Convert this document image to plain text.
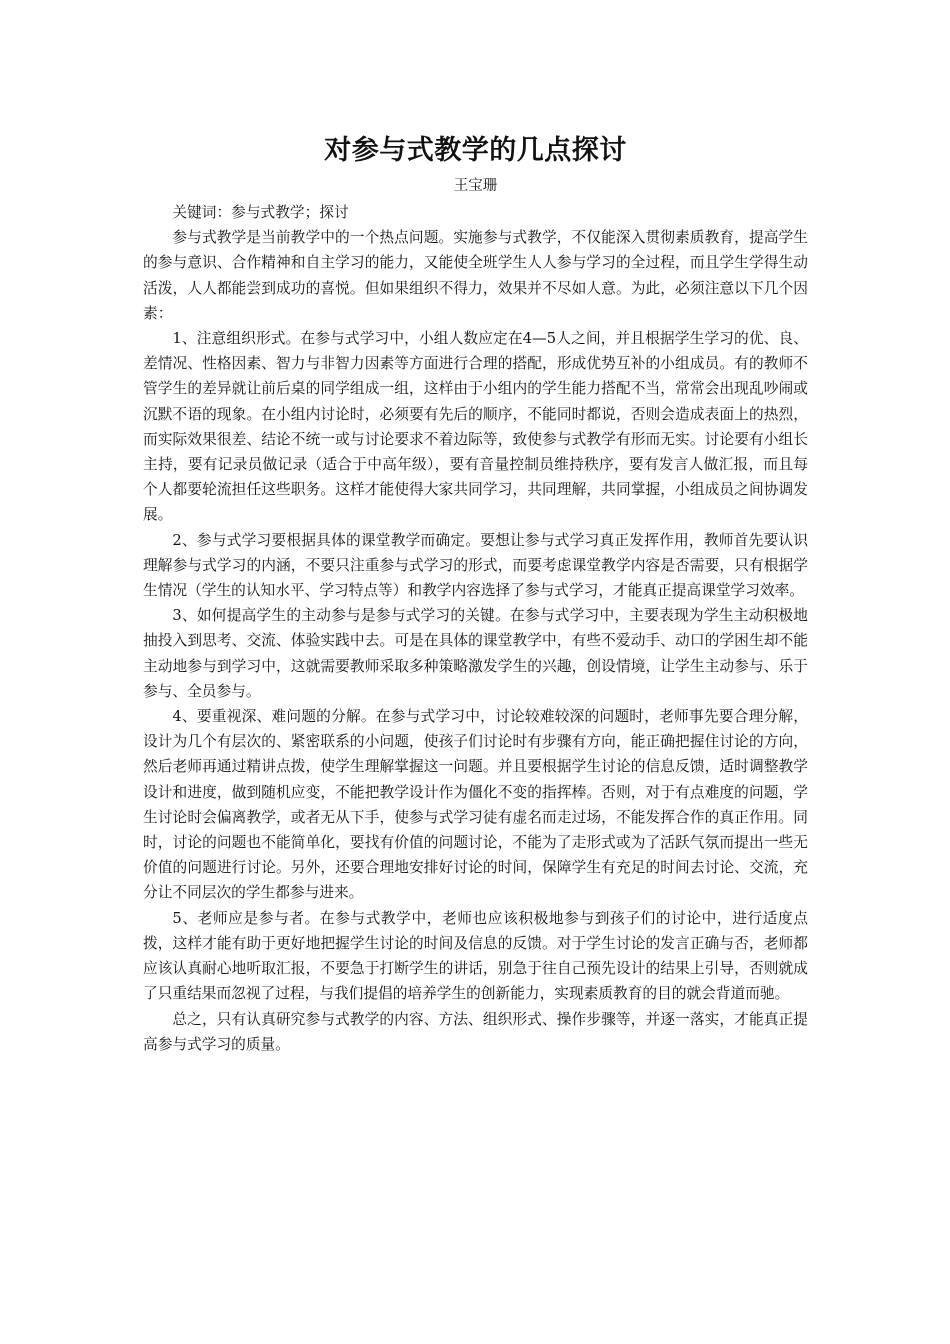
对参与式教学的几点探讨

王宝珊

关键词：参与式教学；探讨

参与式教学是当前教学中的一个热点问题。实施参与式教学，不仅能深入贯彻素质教育，提高学生的参与意识、合作精神和自主学习的能力，又能使全班学生人人参与学习的全过程，而且学生学得生动活泼，人人都能尝到成功的喜悦。但如果组织不得力，效果并不尽如人意。为此，必须注意以下几个因素：

1、注意组织形式。在参与式学习中，小组人数应定在4—5人之间，并且根据学生学习的优、良、差情况、性格因素、智力与非智力因素等方面进行合理的搭配，形成优势互补的小组成员。有的教师不管学生的差异就让前后桌的同学组成一组，这样由于小组内的学生能力搭配不当，常常会出现乱吵闹或沉默不语的现象。在小组内讨论时，必须要有先后的顺序，不能同时都说，否则会造成表面上的热烈，而实际效果很差、结论不统一或与讨论要求不着边际等，致使参与式教学有形而无实。讨论要有小组长主持，要有记录员做记录（适合于中高年级），要有音量控制员维持秩序，要有发言人做汇报，而且每个人都要轮流担任这些职务。这样才能使得大家共同学习，共同理解，共同掌握，小组成员之间协调发展。

2、参与式学习要根据具体的课堂教学而确定。要想让参与式学习真正发挥作用，教师首先要认识理解参与式学习的内涵，不要只注重参与式学习的形式，而要考虑课堂教学内容是否需要，只有根据学生情况（学生的认知水平、学习特点等）和教学内容选择了参与式学习，才能真正提高课堂学习效率。

3、如何提高学生的主动参与是参与式学习的关键。在参与式学习中，主要表现为学生主动积极地抽投入到思考、交流、体验实践中去。可是在具体的课堂教学中，有些不爱动手、动口的学困生却不能主动地参与到学习中，这就需要教师采取多种策略激发学生的兴趣，创设情境，让学生主动参与、乐于参与、全员参与。

4、要重视深、难问题的分解。在参与式学习中，讨论较难较深的问题时，老师事先要合理分解，设计为几个有层次的、紧密联系的小问题，使孩子们讨论时有步骤有方向，能正确把握住讨论的方向，然后老师再通过精讲点拨，使学生理解掌握这一问题。并且要根据学生讨论的信息反馈，适时调整教学设计和进度，做到随机应变，不能把教学设计作为僵化不变的指挥棒。否则，对于有点难度的问题，学生讨论时会偏离教学，或者无从下手，使参与式学习徒有虚名而走过场，不能发挥合作的真正作用。同时，讨论的问题也不能简单化，要找有价值的问题讨论，不能为了走形式或为了活跃气氛而提出一些无价值的问题进行讨论。另外，还要合理地安排好讨论的时间，保障学生有充足的时间去讨论、交流，充分让不同层次的学生都参与进来。

5、老师应是参与者。在参与式教学中，老师也应该积极地参与到孩子们的讨论中，进行适度点拨，这样才能有助于更好地把握学生讨论的时间及信息的反馈。对于学生讨论的发言正确与否，老师都应该认真耐心地听取汇报，不要急于打断学生的讲话，别急于往自己预先设计的结果上引导，否则就成了只重结果而忽视了过程，与我们提倡的培养学生的创新能力，实现素质教育的目的就会背道而驰。

总之，只有认真研究参与式教学的内容、方法、组织形式、操作步骤等，并逐一落实，才能真正提高参与式学习的质量。
